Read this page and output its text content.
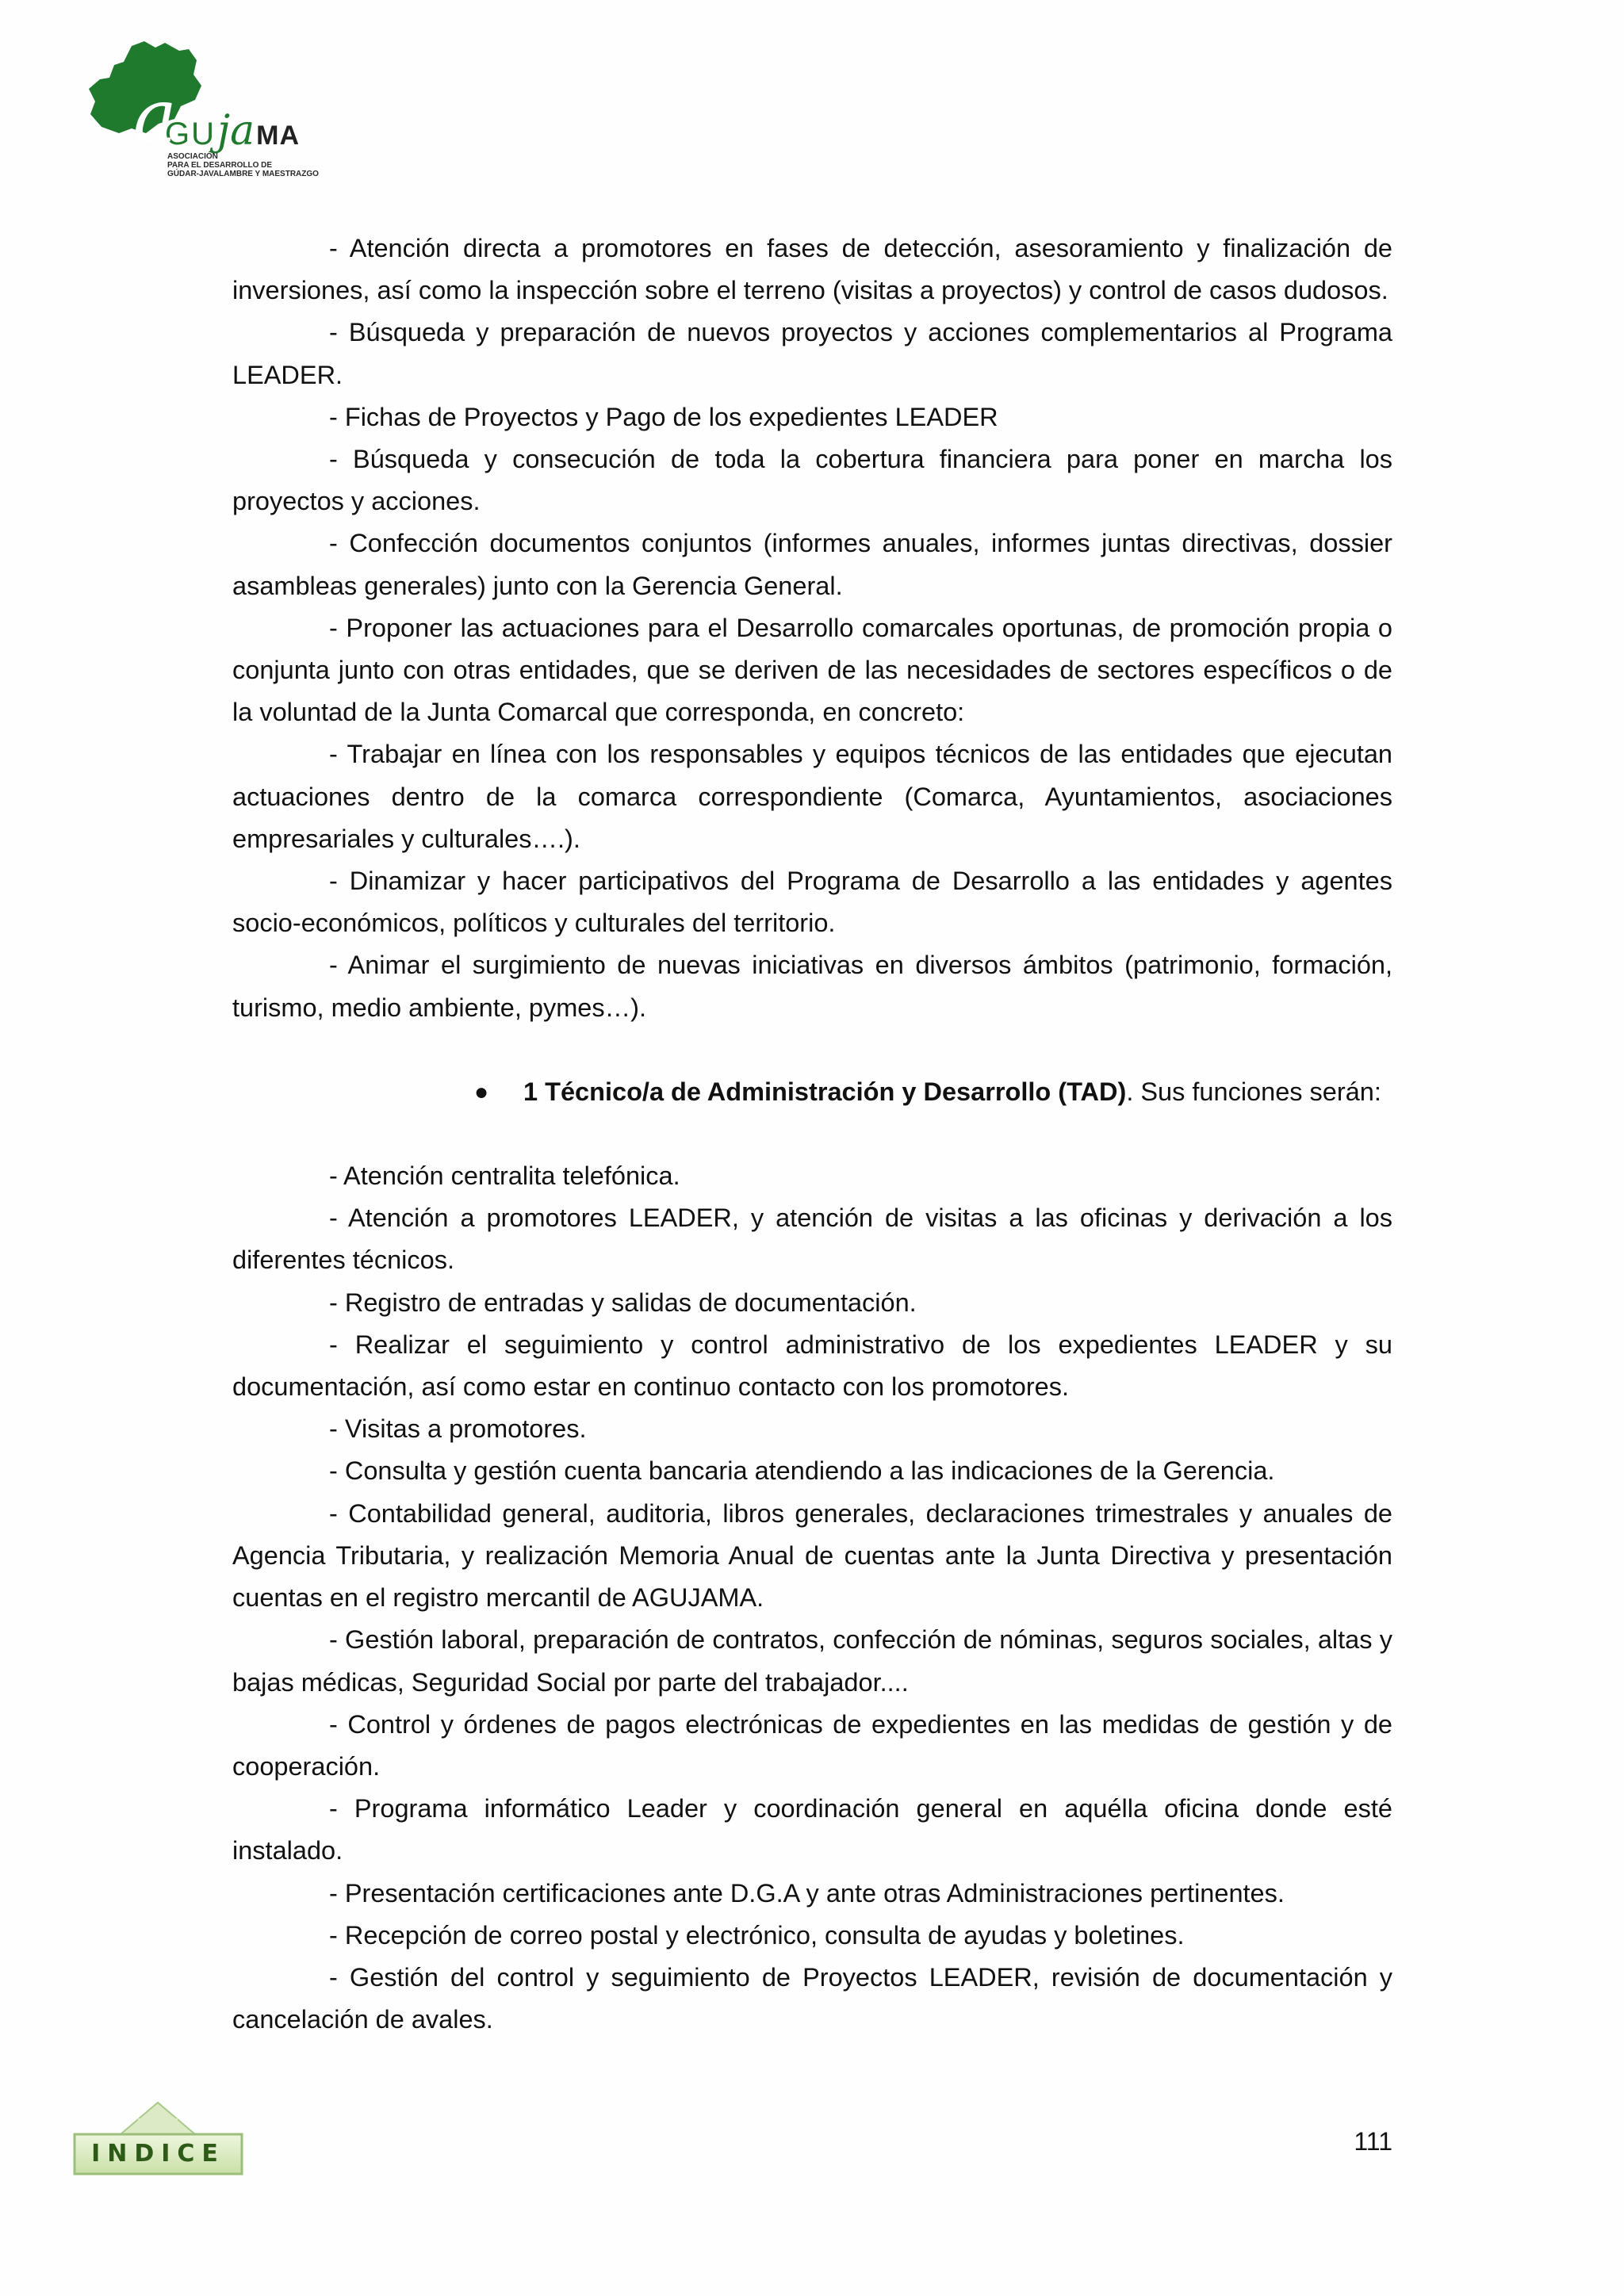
a
GU ja MA
ASOCIACIÓN
PARA EL DESARROLLO DE
GÚDAR-JAVALAMBRE Y MAESTRAZGO

- Atención directa a promotores en fases de detección, asesoramiento y finalización de inversiones, así como la inspección sobre el terreno (visitas a proyectos) y control de casos dudosos.

- Búsqueda y preparación de nuevos proyectos y acciones complementarios al Programa LEADER.

- Fichas de Proyectos y Pago de los expedientes LEADER

- Búsqueda y consecución de toda la cobertura financiera para poner en marcha los proyectos y acciones.

- Confección documentos conjuntos (informes anuales, informes juntas directivas, dossier asambleas generales) junto con la Gerencia General.

- Proponer las actuaciones para el Desarrollo comarcales oportunas, de promoción propia o conjunta junto con otras entidades, que se deriven de las necesidades de sectores específicos o de la voluntad de la Junta Comarcal que corresponda, en concreto:

- Trabajar en línea con los responsables y equipos técnicos de las entidades que ejecutan actuaciones dentro de la comarca correspondiente (Comarca, Ayuntamientos, asociaciones empresariales y culturales….).

- Dinamizar y hacer participativos del Programa de Desarrollo a las entidades y agentes socio-económicos, políticos y culturales del territorio.

- Animar el surgimiento de nuevas iniciativas en diversos ámbitos (patrimonio, formación, turismo, medio ambiente, pymes…).

● 1 Técnico/a de Administración y Desarrollo (TAD). Sus funciones serán:

- Atención centralita telefónica.

- Atención a promotores LEADER, y atención de visitas a las oficinas y derivación a los diferentes técnicos.

- Registro de entradas y salidas de documentación.

- Realizar el seguimiento y control administrativo de los expedientes LEADER y su documentación, así como estar en continuo contacto con los promotores.

- Visitas a promotores.

- Consulta y gestión cuenta bancaria atendiendo a las indicaciones de la Gerencia.

- Contabilidad general, auditoria, libros generales, declaraciones trimestrales y anuales de Agencia Tributaria, y realización Memoria Anual de cuentas ante la Junta Directiva y presentación cuentas en el registro mercantil de AGUJAMA.

- Gestión laboral, preparación de contratos, confección de nóminas, seguros sociales, altas y bajas médicas, Seguridad Social por parte del trabajador....

- Control y órdenes de pagos electrónicas de expedientes en las medidas de gestión y de cooperación.

- Programa informático Leader y coordinación general en aquélla oficina donde esté instalado.

- Presentación certificaciones ante D.G.A y ante otras Administraciones pertinentes.

- Recepción de correo postal y electrónico, consulta de ayudas y boletines.

- Gestión del control y seguimiento de Proyectos LEADER, revisión de documentación y cancelación de avales.

INDICE	111
